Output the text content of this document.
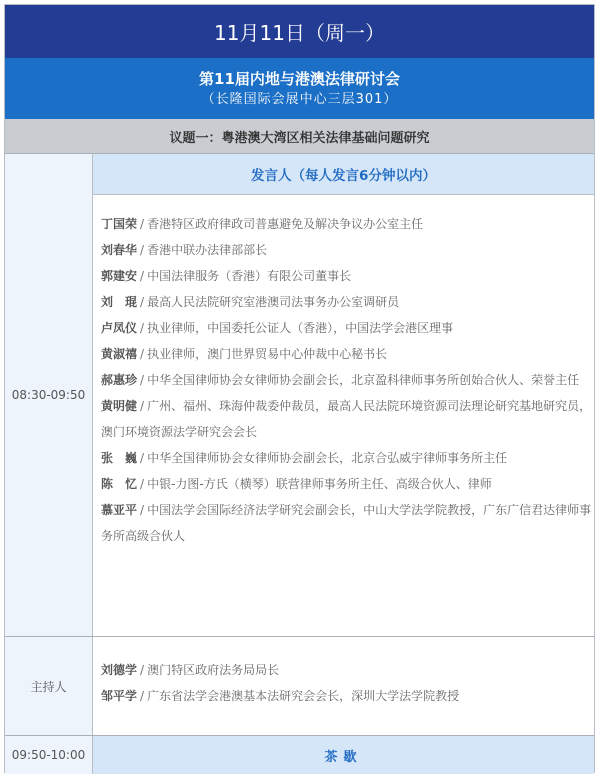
11月11日（周一）
第11届内地与港澳法律研讨会
（长隆国际会展中心三层301）
议题一：粤港澳大湾区相关法律基础问题研究
08:30-09:50
发言人（每人发言6分钟以内）
丁国荣 / 香港特区政府律政司普惠避免及解决争议办公室主任
刘春华 / 香港中联办法律部部长
郭建安 / 中国法律服务（香港）有限公司董事长
刘　琨 / 最高人民法院研究室港澳司法事务办公室调研员
卢凤仪 / 执业律师，中国委托公证人（香港），中国法学会港区理事
黄淑禧 / 执业律师，澳门世界贸易中心仲裁中心秘书长
郝惠珍 / 中华全国律师协会女律师协会副会长，北京盈科律师事务所创始合伙人、荣誉主任
黄明健 / 广州、福州、珠海仲裁委仲裁员，最高人民法院环境资源司法理论研究基地研究员，澳门环境资源法学研究会会长
张　巍 / 中华全国律师协会女律师协会副会长，北京合弘威宇律师事务所主任
陈　忆 / 中银-力图-方氏（横琴）联营律师事务所主任、高级合伙人、律师
慕亚平 / 中国法学会国际经济法学研究会副会长，中山大学法学院教授，广东广信君达律师事务所高级合伙人
主持人
刘德学 / 澳门特区政府法务局局长
邹平学 / 广东省法学会港澳基本法研究会会长，深圳大学法学院教授
09:50-10:00	茶歇
